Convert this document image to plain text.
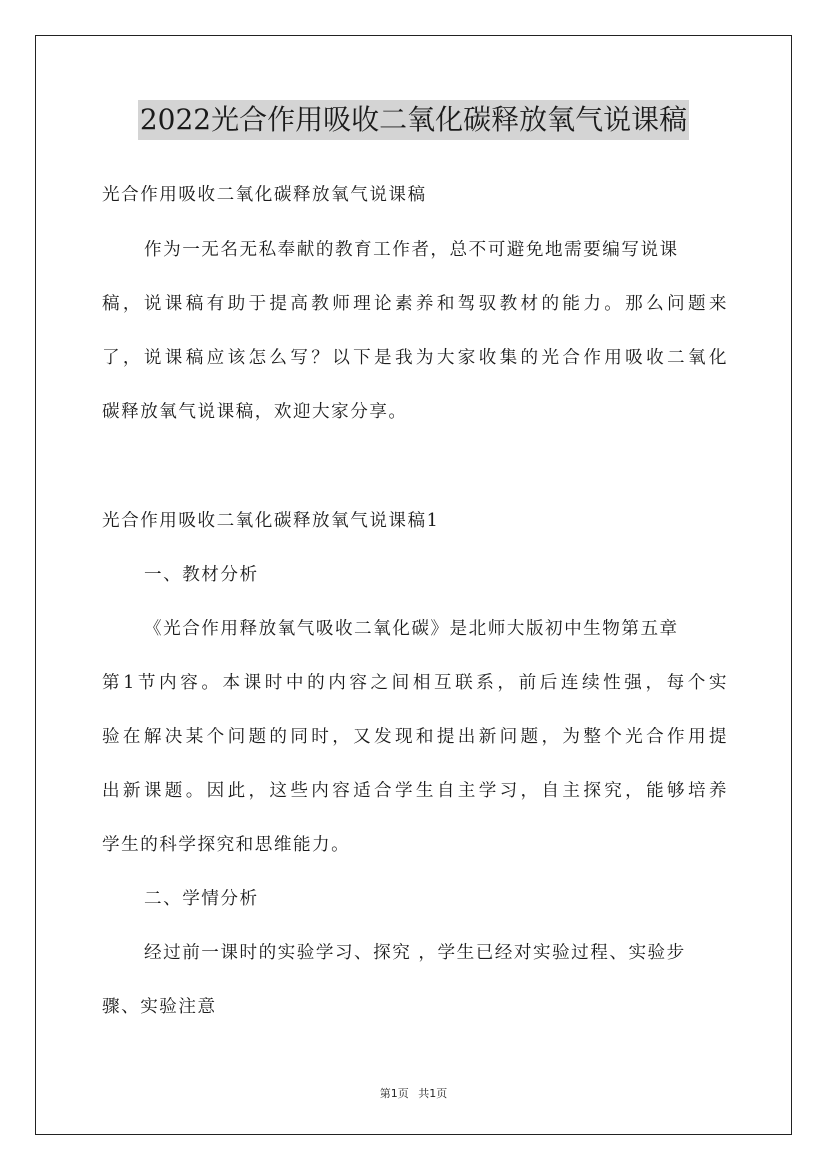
2022光合作用吸收二氧化碳释放氧气说课稿
光合作用吸收二氧化碳释放氧气说课稿
作为一无名无私奉献的教育工作者，总不可避免地需要编写说课
稿，说课稿有助于提高教师理论素养和驾驭教材的能力。那么问题来
了，说课稿应该怎么写？以下是我为大家收集的光合作用吸收二氧化
碳释放氧气说课稿，欢迎大家分享。
光合作用吸收二氧化碳释放氧气说课稿1
一、教材分析
《光合作用释放氧气吸收二氧化碳》是北师大版初中生物第五章
第1节内容。本课时中的内容之间相互联系，前后连续性强，每个实
验在解决某个问题的同时，又发现和提出新问题，为整个光合作用提
出新课题。因此，这些内容适合学生自主学习，自主探究，能够培养
学生的科学探究和思维能力。
二、学情分析
经过前一课时的实验学习、探究 ，学生已经对实验过程、实验步
骤、实验注意
第1页 共1页
